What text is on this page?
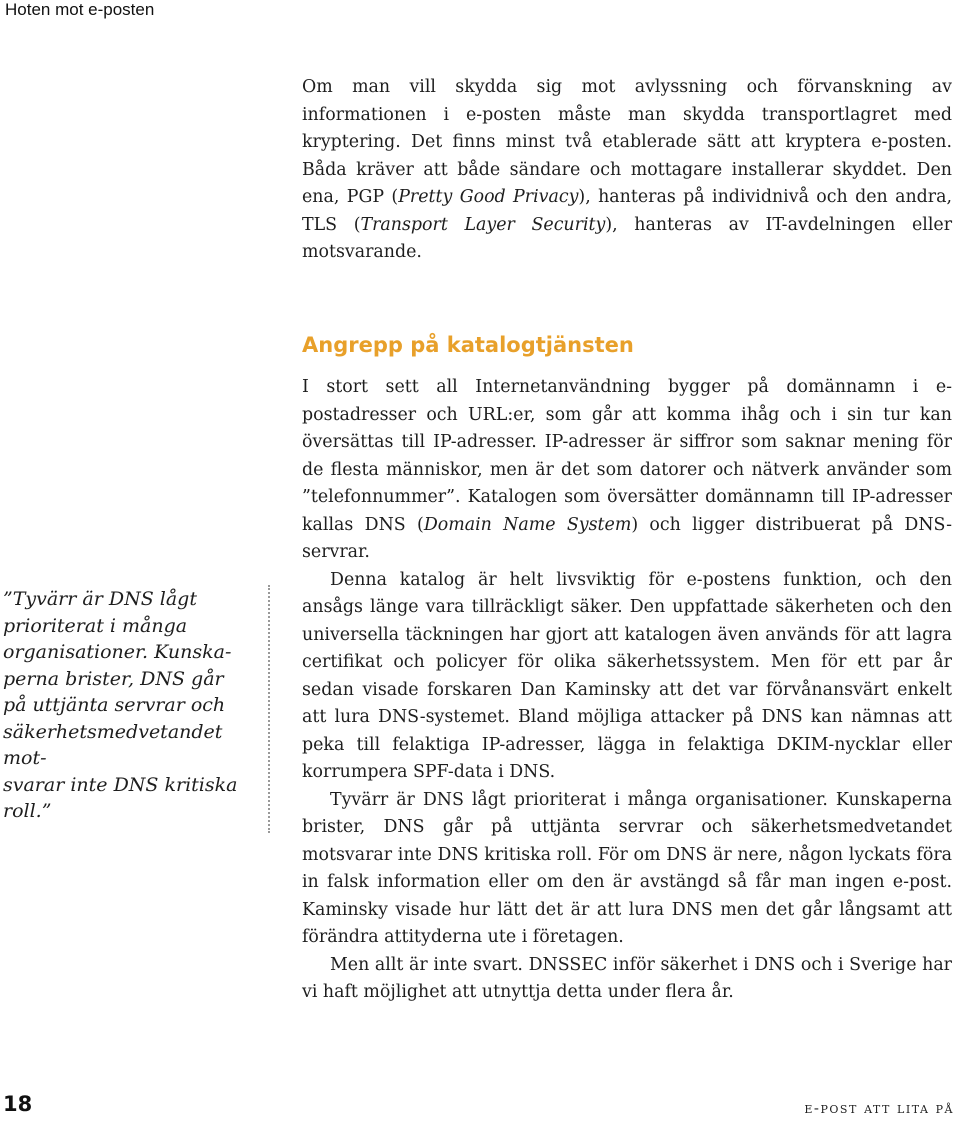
Hoten mot e-posten

Om man vill skydda sig mot avlyssning och förvanskning av informationen i e-posten måste man skydda transportlagret med kryptering. Det finns minst två etablerade sätt att kryptera e-posten. Båda kräver att både sändare och mottagare installerar skyddet. Den ena, PGP (Pretty Good Privacy), hanteras på individnivå och den andra, TLS (Transport Layer Security), hanteras av IT-avdelningen eller motsvarande.

Angrepp på katalogtjänsten

I stort sett all Internetanvändning bygger på domännamn i e-postadresser och URL:er, som går att komma ihåg och i sin tur kan översättas till IP-adresser. IP-adresser är siffror som saknar mening för de flesta människor, men är det som datorer och nätverk använder som ”telefonnummer”. Katalogen som översätter domännamn till IP-adresser kallas DNS (Domain Name System) och ligger distribuerat på DNS-servrar.

Denna katalog är helt livsviktig för e-postens funktion, och den ansågs länge vara tillräckligt säker. Den uppfattade säkerheten och den universella täckningen har gjort att katalogen även används för att lagra certifikat och policyer för olika säkerhetssystem. Men för ett par år sedan visade forskaren Dan Kaminsky att det var förvånansvärt enkelt att lura DNS-systemet. Bland möjliga attacker på DNS kan nämnas att peka till felaktiga IP-adresser, lägga in felaktiga DKIM-nycklar eller korrumpera SPF-data i DNS.

Tyvärr är DNS lågt prioriterat i många organisationer. Kunskaperna brister, DNS går på uttjänta servrar och säkerhetsmedvetandet motsvarar inte DNS kritiska roll. För om DNS är nere, någon lyckats föra in falsk information eller om den är avstängd så får man ingen e-post. Kaminsky visade hur lätt det är att lura DNS men det går långsamt att förändra attityderna ute i företagen.

Men allt är inte svart. DNSSEC inför säkerhet i DNS och i Sverige har vi haft möjlighet att utnyttja detta under flera år.

”Tyvärr är DNS lågt
prioriterat i många
organisationer. Kunska-
perna brister, DNS går
på uttjänta servrar och
säkerhetsmedvetandet mot-
svarar inte DNS kritiska
roll.”
18	e-post att lita på
